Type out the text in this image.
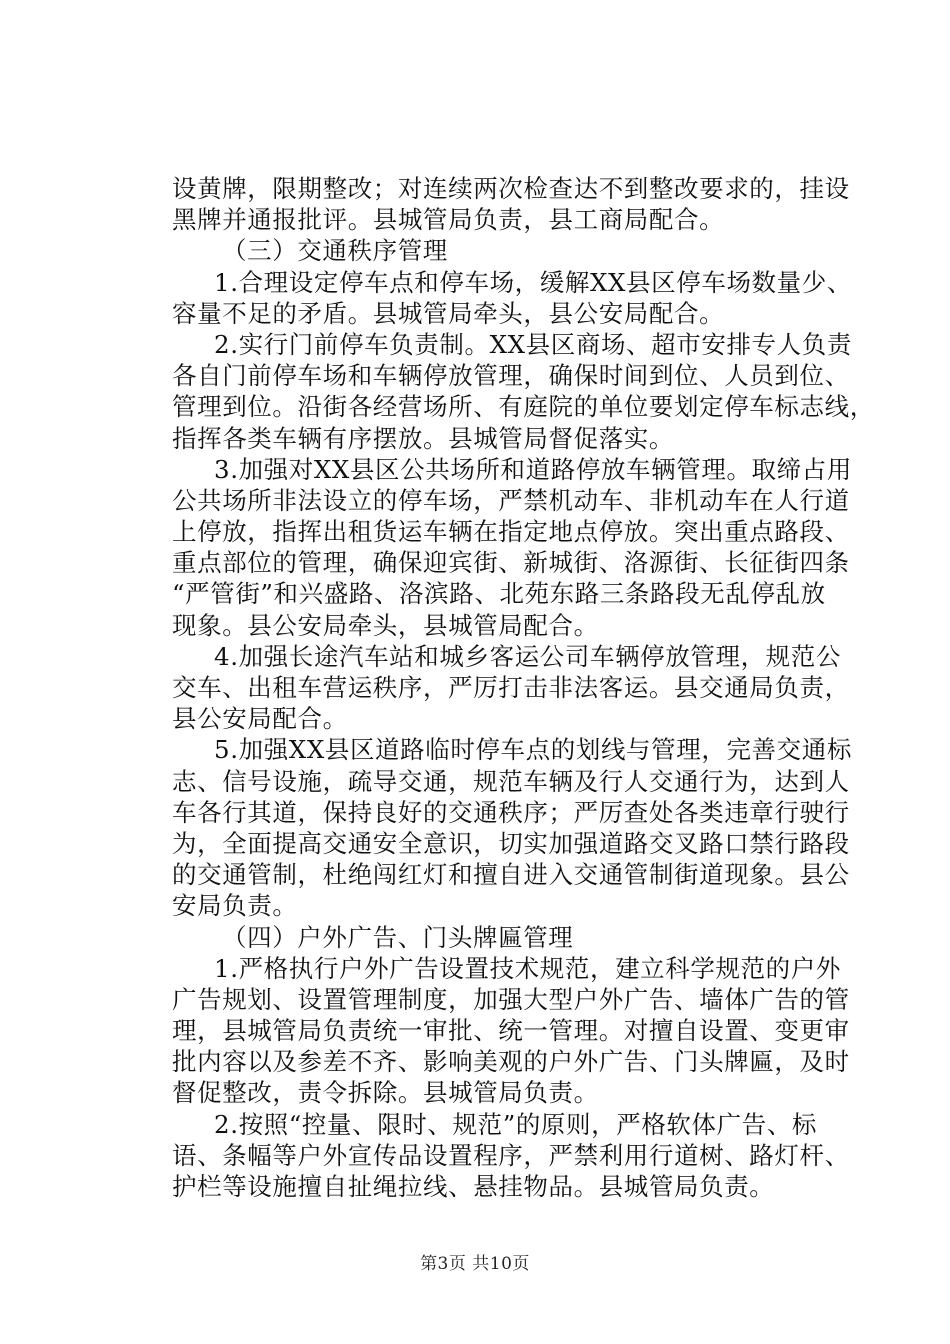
设黄牌，限期整改；对连续两次检查达不到整改要求的，挂设
黑牌并通报批评。县城管局负责，县工商局配合。
（三）交通秩序管理
1.合理设定停车点和停车场，缓解XX县区停车场数量少、
容量不足的矛盾。县城管局牵头，县公安局配合。
2.实行门前停车负责制。XX县区商场、超市安排专人负责
各自门前停车场和车辆停放管理，确保时间到位、人员到位、
管理到位。沿街各经营场所、有庭院的单位要划定停车标志线，
指挥各类车辆有序摆放。县城管局督促落实。
3.加强对XX县区公共场所和道路停放车辆管理。取缔占用
公共场所非法设立的停车场，严禁机动车、非机动车在人行道
上停放，指挥出租货运车辆在指定地点停放。突出重点路段、
重点部位的管理，确保迎宾街、新城街、洛源街、长征街四条
“严管街”和兴盛路、洛滨路、北苑东路三条路段无乱停乱放
现象。县公安局牵头，县城管局配合。
4.加强长途汽车站和城乡客运公司车辆停放管理，规范公
交车、出租车营运秩序，严厉打击非法客运。县交通局负责，
县公安局配合。
5.加强XX县区道路临时停车点的划线与管理，完善交通标
志、信号设施，疏导交通，规范车辆及行人交通行为，达到人
车各行其道，保持良好的交通秩序；严厉查处各类违章行驶行
为，全面提高交通安全意识，切实加强道路交叉路口禁行路段
的交通管制，杜绝闯红灯和擅自进入交通管制街道现象。县公
安局负责。
（四）户外广告、门头牌匾管理
1.严格执行户外广告设置技术规范，建立科学规范的户外
广告规划、设置管理制度，加强大型户外广告、墙体广告的管
理，县城管局负责统一审批、统一管理。对擅自设置、变更审
批内容以及参差不齐、影响美观的户外广告、门头牌匾，及时
督促整改，责令拆除。县城管局负责。
2.按照“控量、限时、规范”的原则，严格软体广告、标
语、条幅等户外宣传品设置程序，严禁利用行道树、路灯杆、
护栏等设施擅自扯绳拉线、悬挂物品。县城管局负责。
第3页 共10页
